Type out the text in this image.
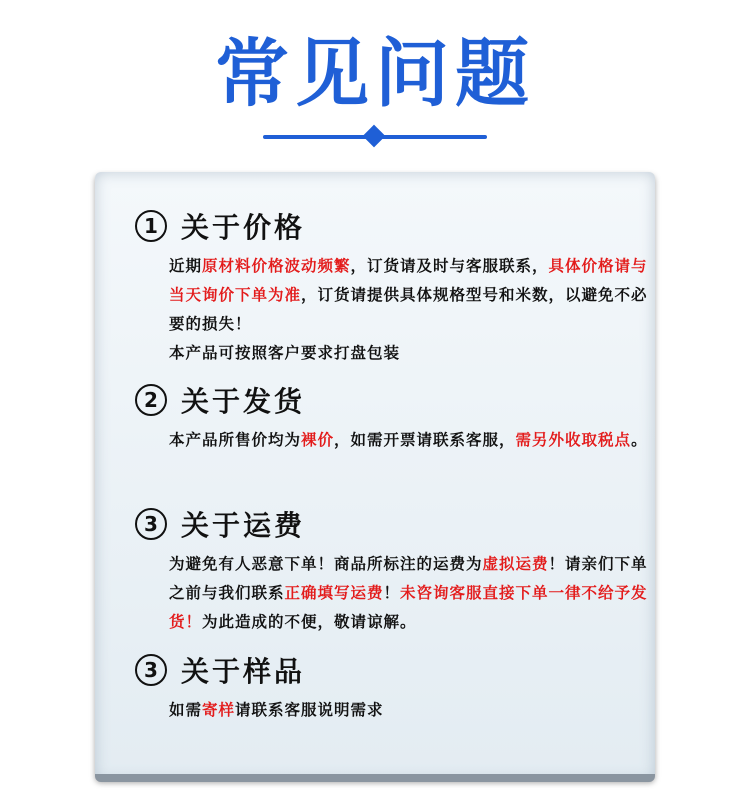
常见问题
1 关于价格
近期原材料价格波动频繁，订货请及时与客服联系，具体价格请与当天询价下单为准，订货请提供具体规格型号和米数，以避免不必要的损失！
本产品可按照客户要求打盘包装
2 关于发货
本产品所售价均为裸价，如需开票请联系客服，需另外收取税点。
3 关于运费
为避免有人恶意下单！商品所标注的运费为虚拟运费！请亲们下单之前与我们联系正确填写运费！未咨询客服直接下单一律不给予发货！为此造成的不便，敬请谅解。
3 关于样品
如需寄样请联系客服说明需求
